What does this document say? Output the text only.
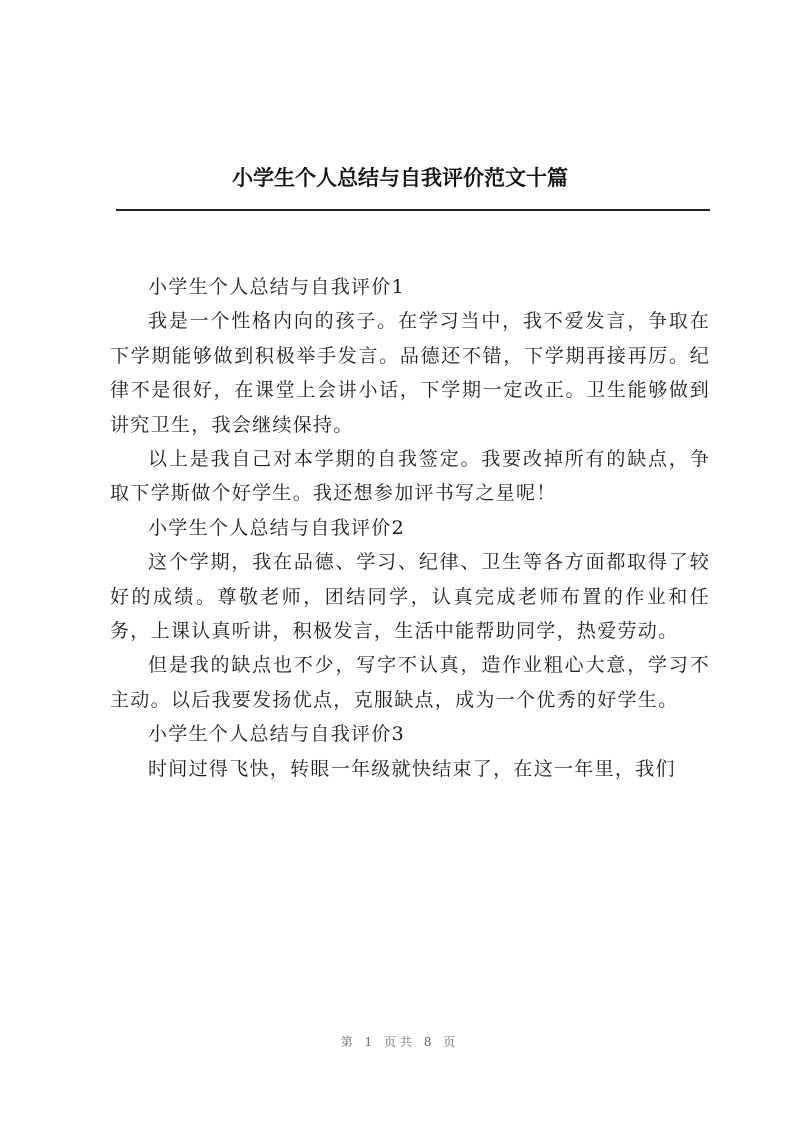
小学生个人总结与自我评价范文十篇

小学生个人总结与自我评价1

我是一个性格内向的孩子。在学习当中，我不爱发言，争取在下学期能够做到积极举手发言。品德还不错，下学期再接再厉。纪律不是很好，在课堂上会讲小话，下学期一定改正。卫生能够做到讲究卫生，我会继续保持。

以上是我自己对本学期的自我签定。我要改掉所有的缺点，争取下学斯做个好学生。我还想参加评书写之星呢！

小学生个人总结与自我评价2

这个学期，我在品德、学习、纪律、卫生等各方面都取得了较好的成绩。尊敬老师，团结同学，认真完成老师布置的作业和任务，上课认真听讲，积极发言，生活中能帮助同学，热爱劳动。

但是我的缺点也不少，写字不认真，造作业粗心大意，学习不主动。以后我要发扬优点，克服缺点，成为一个优秀的好学生。

小学生个人总结与自我评价3

时间过得飞快，转眼一年级就快结束了，在这一年里，我们

第 1 页共 8 页
